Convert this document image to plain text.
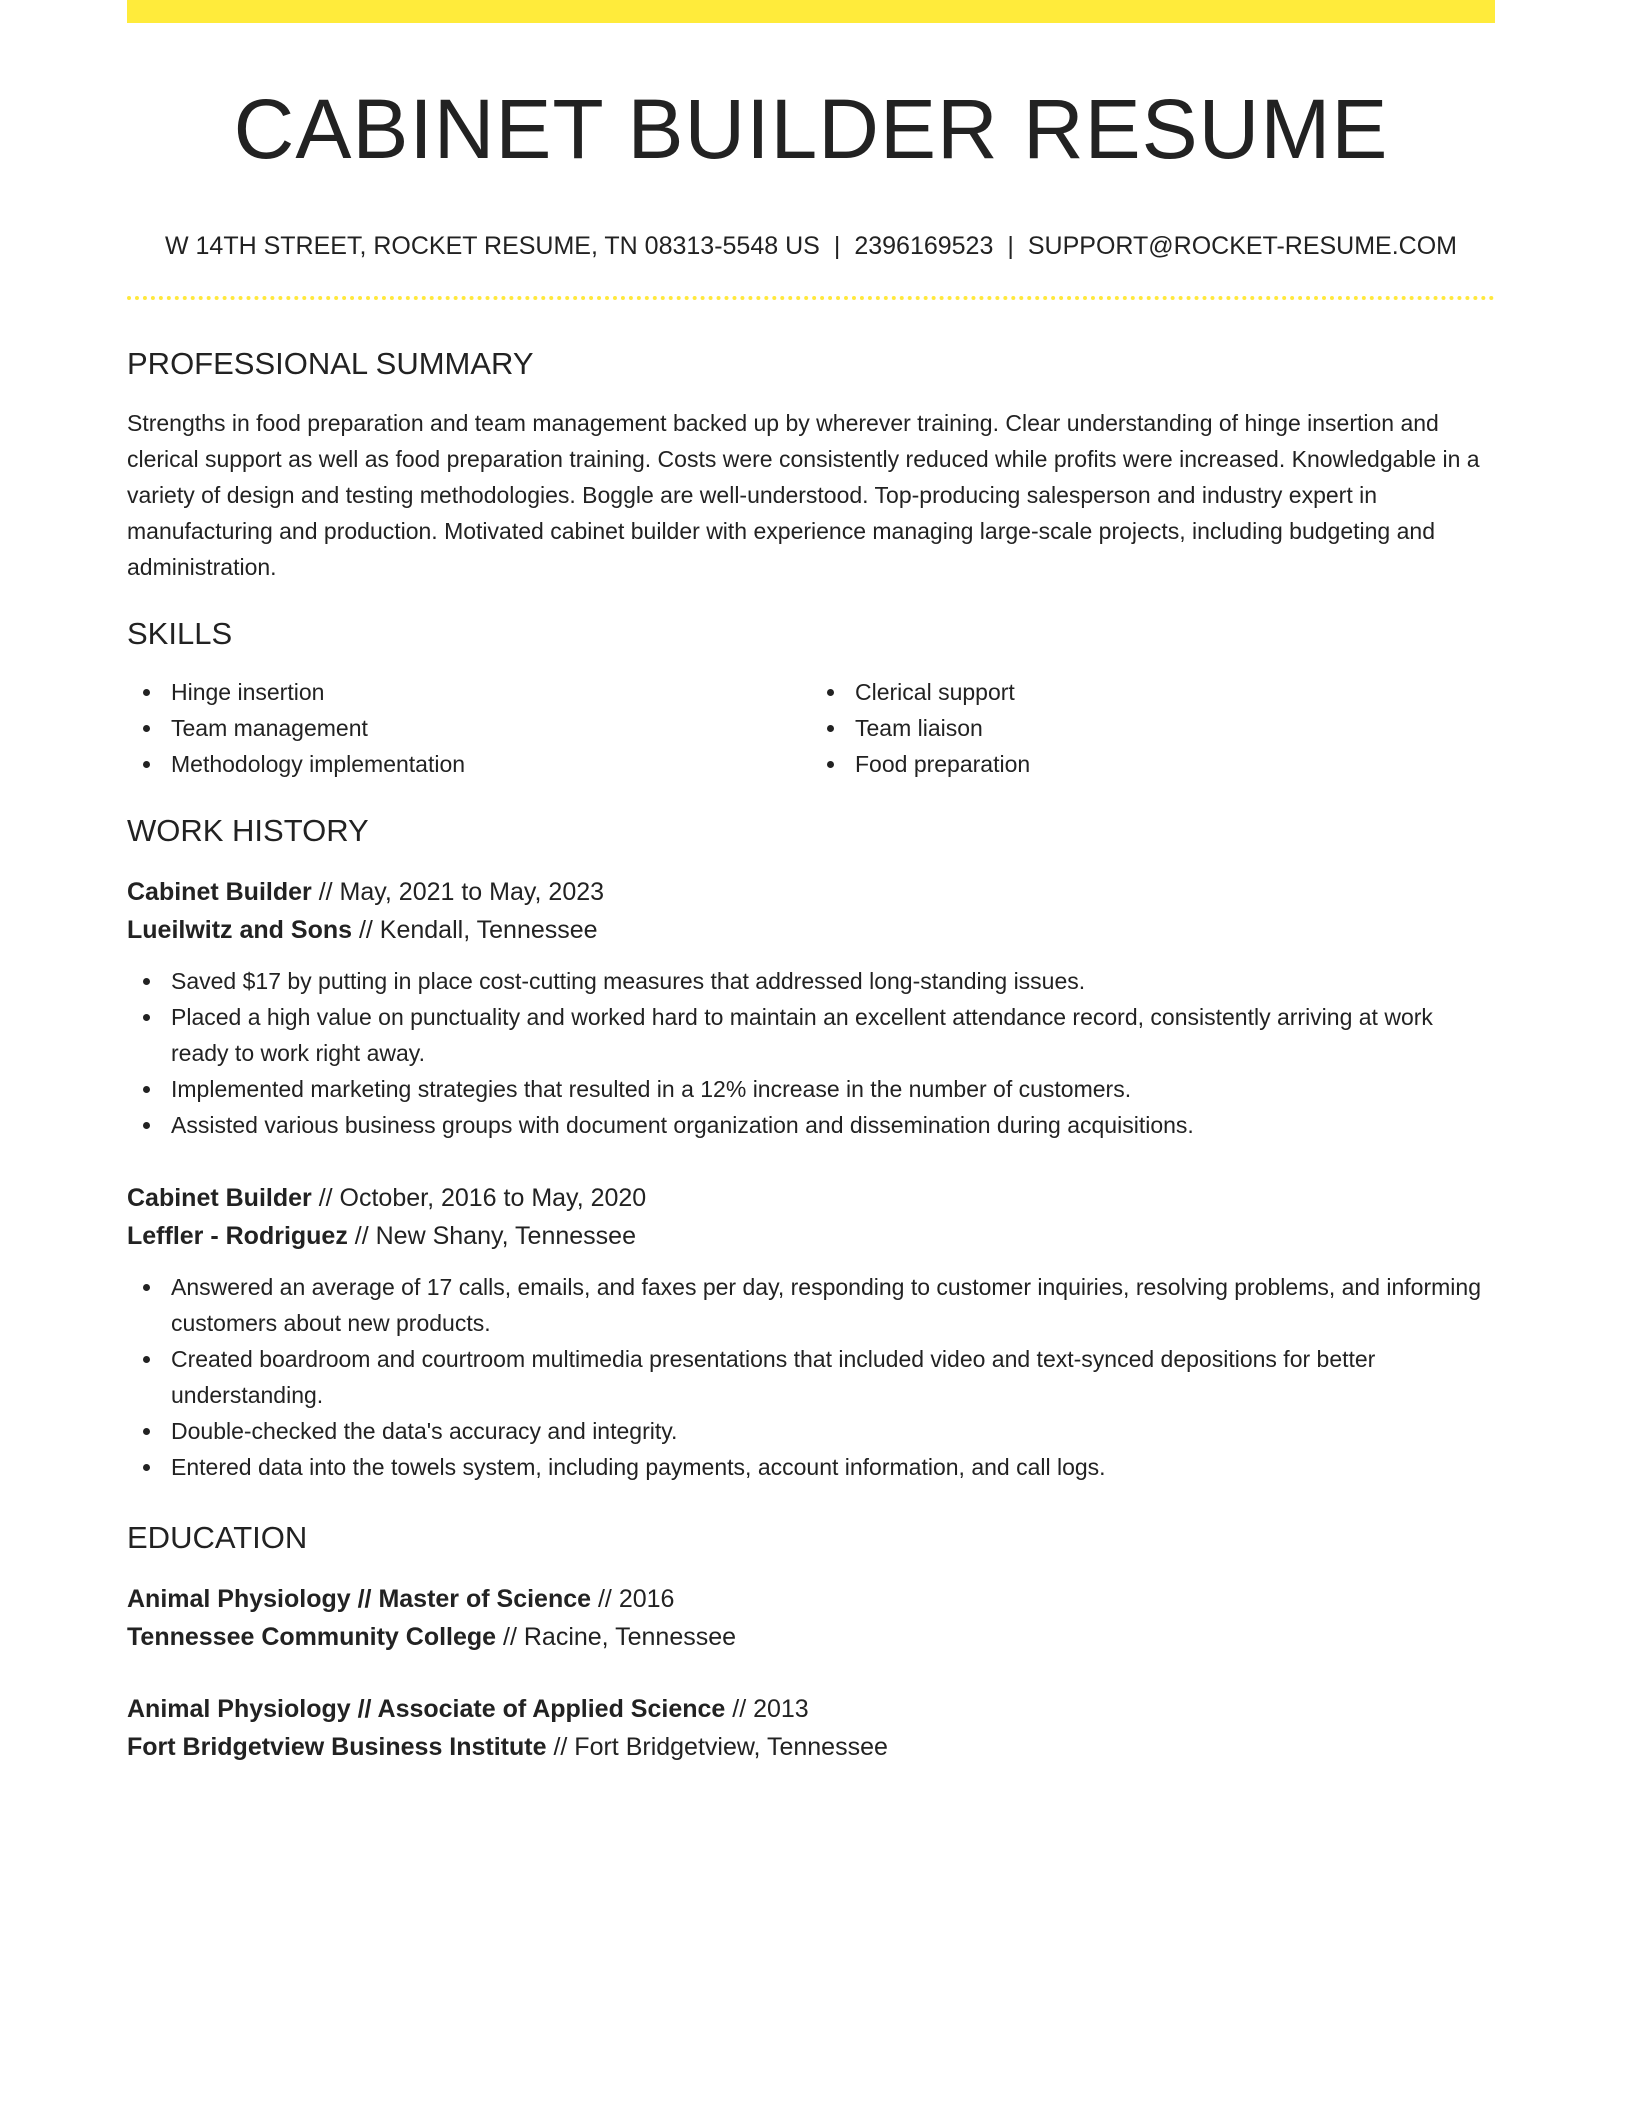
CABINET BUILDER RESUME
W 14TH STREET, ROCKET RESUME, TN 08313-5548 US | 2396169523 | SUPPORT@ROCKET-RESUME.COM
PROFESSIONAL SUMMARY

Strengths in food preparation and team management backed up by wherever training. Clear understanding of hinge insertion and clerical support as well as food preparation training. Costs were consistently reduced while profits were increased. Knowledgable in a variety of design and testing methodologies. Boggle are well-understood. Top-producing salesperson and industry expert in manufacturing and production. Motivated cabinet builder with experience managing large-scale projects, including budgeting and administration.

SKILLS
Hinge insertion
Team management
Methodology implementation
Clerical support
Team liaison
Food preparation
WORK HISTORY
Cabinet Builder // May, 2021 to May, 2023
Lueilwitz and Sons // Kendall, Tennessee
Saved $17 by putting in place cost-cutting measures that addressed long-standing issues.
Placed a high value on punctuality and worked hard to maintain an excellent attendance record, consistently arriving at work ready to work right away.
Implemented marketing strategies that resulted in a 12% increase in the number of customers.
Assisted various business groups with document organization and dissemination during acquisitions.
Cabinet Builder // October, 2016 to May, 2020
Leffler - Rodriguez // New Shany, Tennessee
Answered an average of 17 calls, emails, and faxes per day, responding to customer inquiries, resolving problems, and informing customers about new products.
Created boardroom and courtroom multimedia presentations that included video and text-synced depositions for better understanding.
Double-checked the data's accuracy and integrity.
Entered data into the towels system, including payments, account information, and call logs.
EDUCATION
Animal Physiology // Master of Science // 2016
Tennessee Community College // Racine, Tennessee
Animal Physiology // Associate of Applied Science // 2013
Fort Bridgetview Business Institute // Fort Bridgetview, Tennessee
